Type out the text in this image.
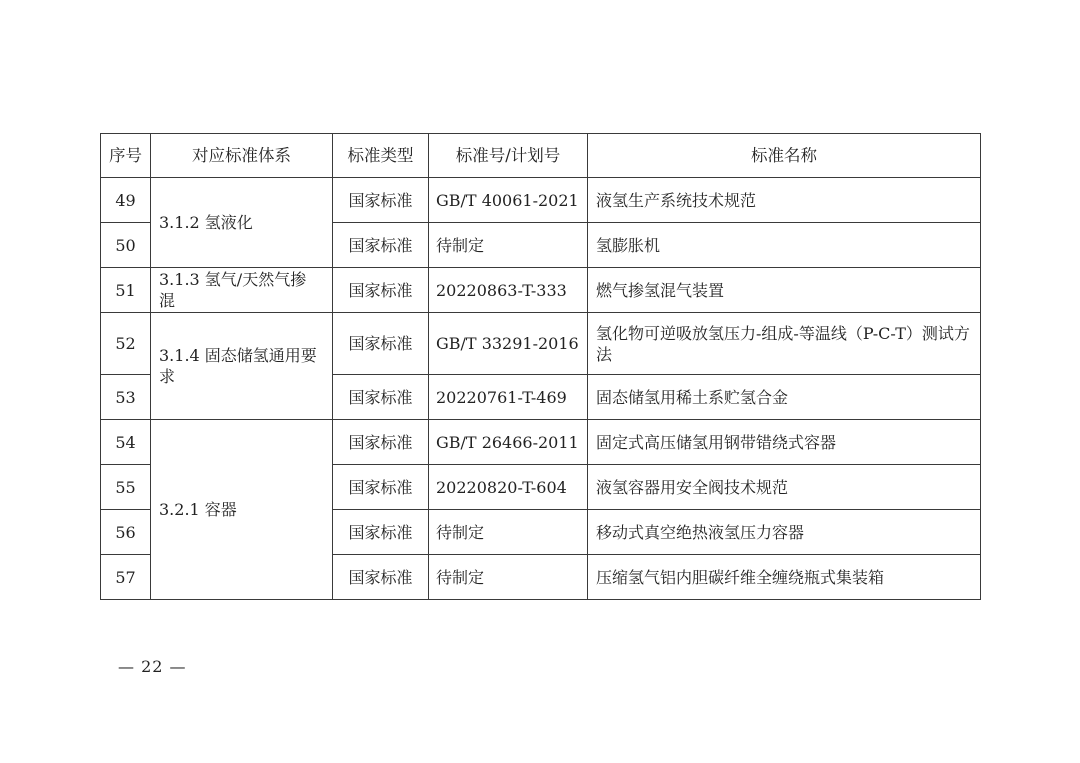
序号	对应标准体系	标准类型	标准号/计划号	标准名称
49	3.1.2 氢液化	国家标准	GB/T 40061-2021	液氢生产系统技术规范
50		国家标准	待制定	氢膨胀机
51	3.1.3 氢气/天然气掺混	国家标准	20220863-T-333	燃气掺氢混气装置
52	3.1.4 固态储氢通用要求	国家标准	GB/T 33291-2016	氢化物可逆吸放氢压力-组成-等温线（P-C-T）测试方法
53		国家标准	20220761-T-469	固态储氢用稀土系贮氢合金
54	3.2.1 容器	国家标准	GB/T 26466-2011	固定式高压储氢用钢带错绕式容器
55		国家标准	20220820-T-604	液氢容器用安全阀技术规范
56		国家标准	待制定	移动式真空绝热液氢压力容器
57		国家标准	待制定	压缩氢气铝内胆碳纤维全缠绕瓶式集装箱
— 22 —
